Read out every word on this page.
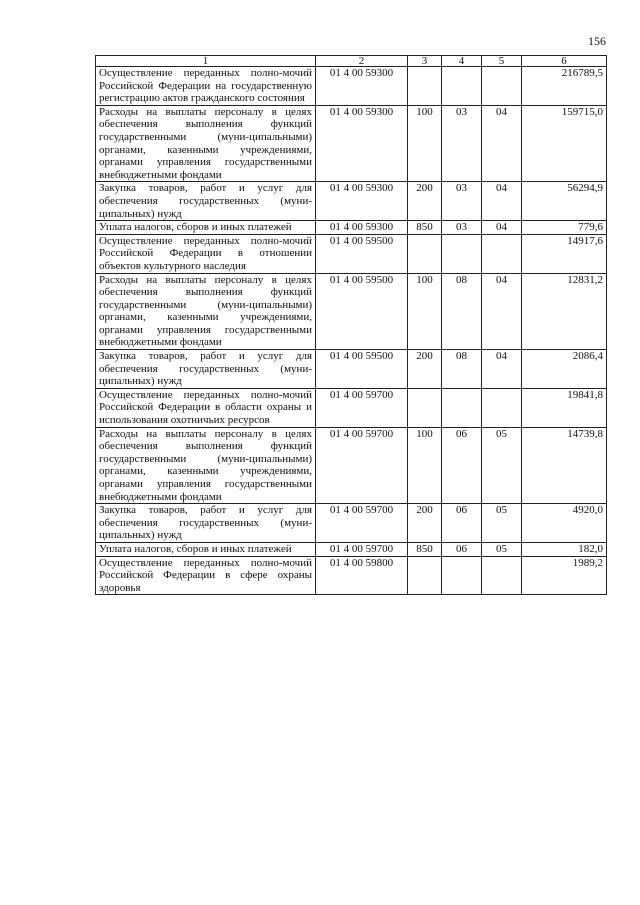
156
1	2	3	4	5	6
Осуществление переданных полно-мочий Российской Федерации на государственную регистрацию актов гражданского состояния	01 4 00 59300				216789,5
Расходы на выплаты персоналу в целях обеспечения выполнения функций государственными (муни-ципальными) органами, казенными учреждениями, органами управления государственными внебюджетными фондами	01 4 00 59300	100	03	04	159715,0
Закупка товаров, работ и услуг для обеспечения государственных (муни-ципальных) нужд	01 4 00 59300	200	03	04	56294,9
Уплата налогов, сборов и иных платежей	01 4 00 59300	850	03	04	779,6
Осуществление переданных полно-мочий Российской Федерации в отношении объектов культурного наследия	01 4 00 59500				14917,6
Расходы на выплаты персоналу в целях обеспечения выполнения функций государственными (муни-ципальными) органами, казенными учреждениями, органами управления государственными внебюджетными фондами	01 4 00 59500	100	08	04	12831,2
Закупка товаров, работ и услуг для обеспечения государственных (муни-ципальных) нужд	01 4 00 59500	200	08	04	2086,4
Осуществление переданных полно-мочий Российской Федерации в области охраны и использования охотничьих ресурсов	01 4 00 59700				19841,8
Расходы на выплаты персоналу в целях обеспечения выполнения функций государственными (муни-ципальными) органами, казенными учреждениями, органами управления государственными внебюджетными фондами	01 4 00 59700	100	06	05	14739,8
Закупка товаров, работ и услуг для обеспечения государственных (муни-ципальных) нужд	01 4 00 59700	200	06	05	4920,0
Уплата налогов, сборов и иных платежей	01 4 00 59700	850	06	05	182,0
Осуществление переданных полно-мочий Российской Федерации в сфере охраны здоровья	01 4 00 59800				1989,2
